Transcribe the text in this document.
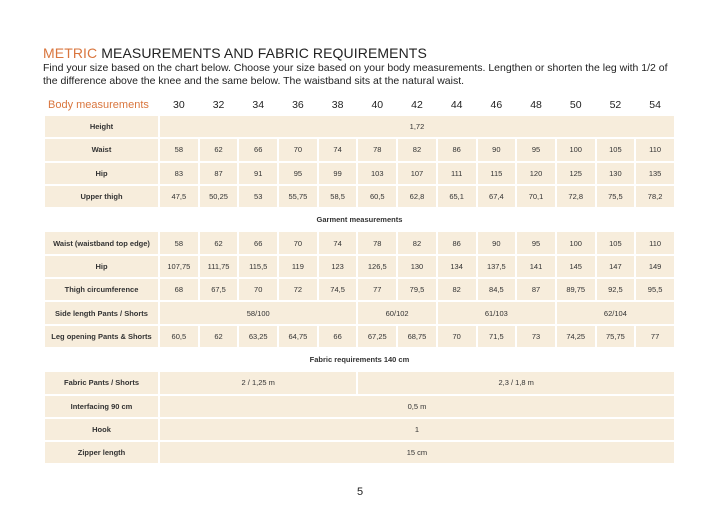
METRIC MEASUREMENTS AND FABRIC REQUIREMENTS
Find your size based on the chart below. Choose your size based on your body measurements. Lengthen or shorten the leg with 1/2 of the difference above the knee and the same below. The waistband sits at the natural waist.
Body measurements	30	32	34	36	38	40	42	44	46	48	50	52	54
Height	1,72												
Waist	58	62	66	70	74	78	82	86	90	95	100	105	110
Hip	83	87	91	95	99	103	107	111	115	120	125	130	135
Upper thigh	47,5	50,25	53	55,75	58,5	60,5	62,8	65,1	67,4	70,1	72,8	75,5	78,2
Garment measurements													
Waist (waistband top edge)	58	62	66	70	74	78	82	86	90	95	100	105	110
Hip	107,75	111,75	115,5	119	123	126,5	130	134	137,5	141	145	147	149
Thigh circumference	68	67,5	70	72	74,5	77	79,5	82	84,5	87	89,75	92,5	95,5
Side length Pants / Shorts	58/100					60/102		61/103			62/104		
Leg opening Pants & Shorts	60,5	62	63,25	64,75	66	67,25	68,75	70	71,5	73	74,25	75,75	77
Fabric requirements 140 cm													
Fabric Pants / Shorts	2 / 1,25 m					2,3 / 1,8 m							
Interfacing 90 cm	0,5 m												
Hook	1												
Zipper length	15 cm												
5
